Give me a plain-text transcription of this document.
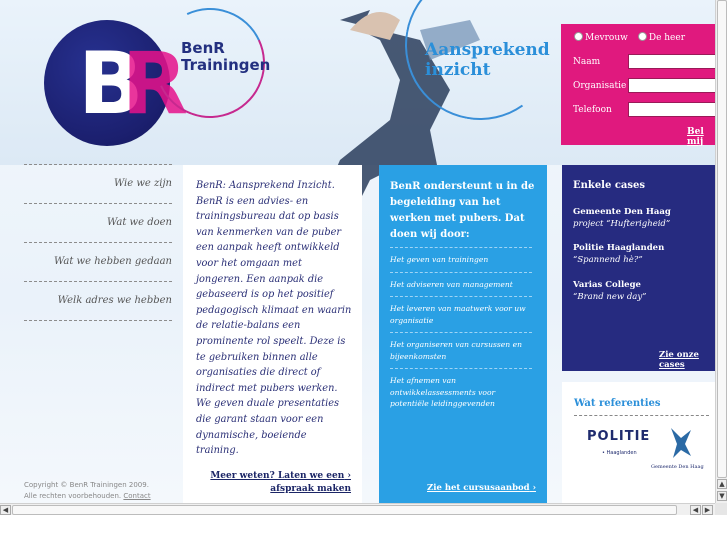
BR
BenR
Trainingen
Aansprekend
inzicht
Mevrouw	De heer
Naam
Organisatie
Telefoon
Bel mij
Wie we zijn
Wat we doen
Wat we hebben gedaan
Welk adres we hebben
Copyright © BenR Trainingen 2009.
Alle rechten voorbehouden. Contact

BenR: Aansprekend Inzicht. BenR is een advies- en trainingsbureau dat op basis van kenmerken van de puber een aanpak heeft ontwikkeld voor het omgaan met jongeren. Een aanpak die gebaseerd is op het positief pedagogisch klimaat en waarin de relatie-balans een prominente rol speelt. Deze is te gebruiken binnen alle organisaties die direct of indirect met pubers werken. We geven duale presentaties die garant staan voor een dynamische, boeiende training.

Meer weten? Laten we een ›
afspraak maken
BenR ondersteunt u in de begeleiding van het werken met pubers. Dat doen wij door:
Het geven van trainingen
Het adviseren van management
Het leveren van maatwerk voor uw organisatie
Het organiseren van cursussen en bijeenkomsten
Het afnemen van ontwikkelassessments voor potentiële leidinggevenden
Zie het cursusaanbod ›
Enkele cases
Gemeente Den Haag
project “Hufterigheid”
Politie Haaglanden
“Spannend hè?”
Varias College
“Brand new day”
Zie onze cases
Wat referenties
POLITIE
• Haaglanden
Gemeente Den Haag
▲
▼
◀	◀ ▶
